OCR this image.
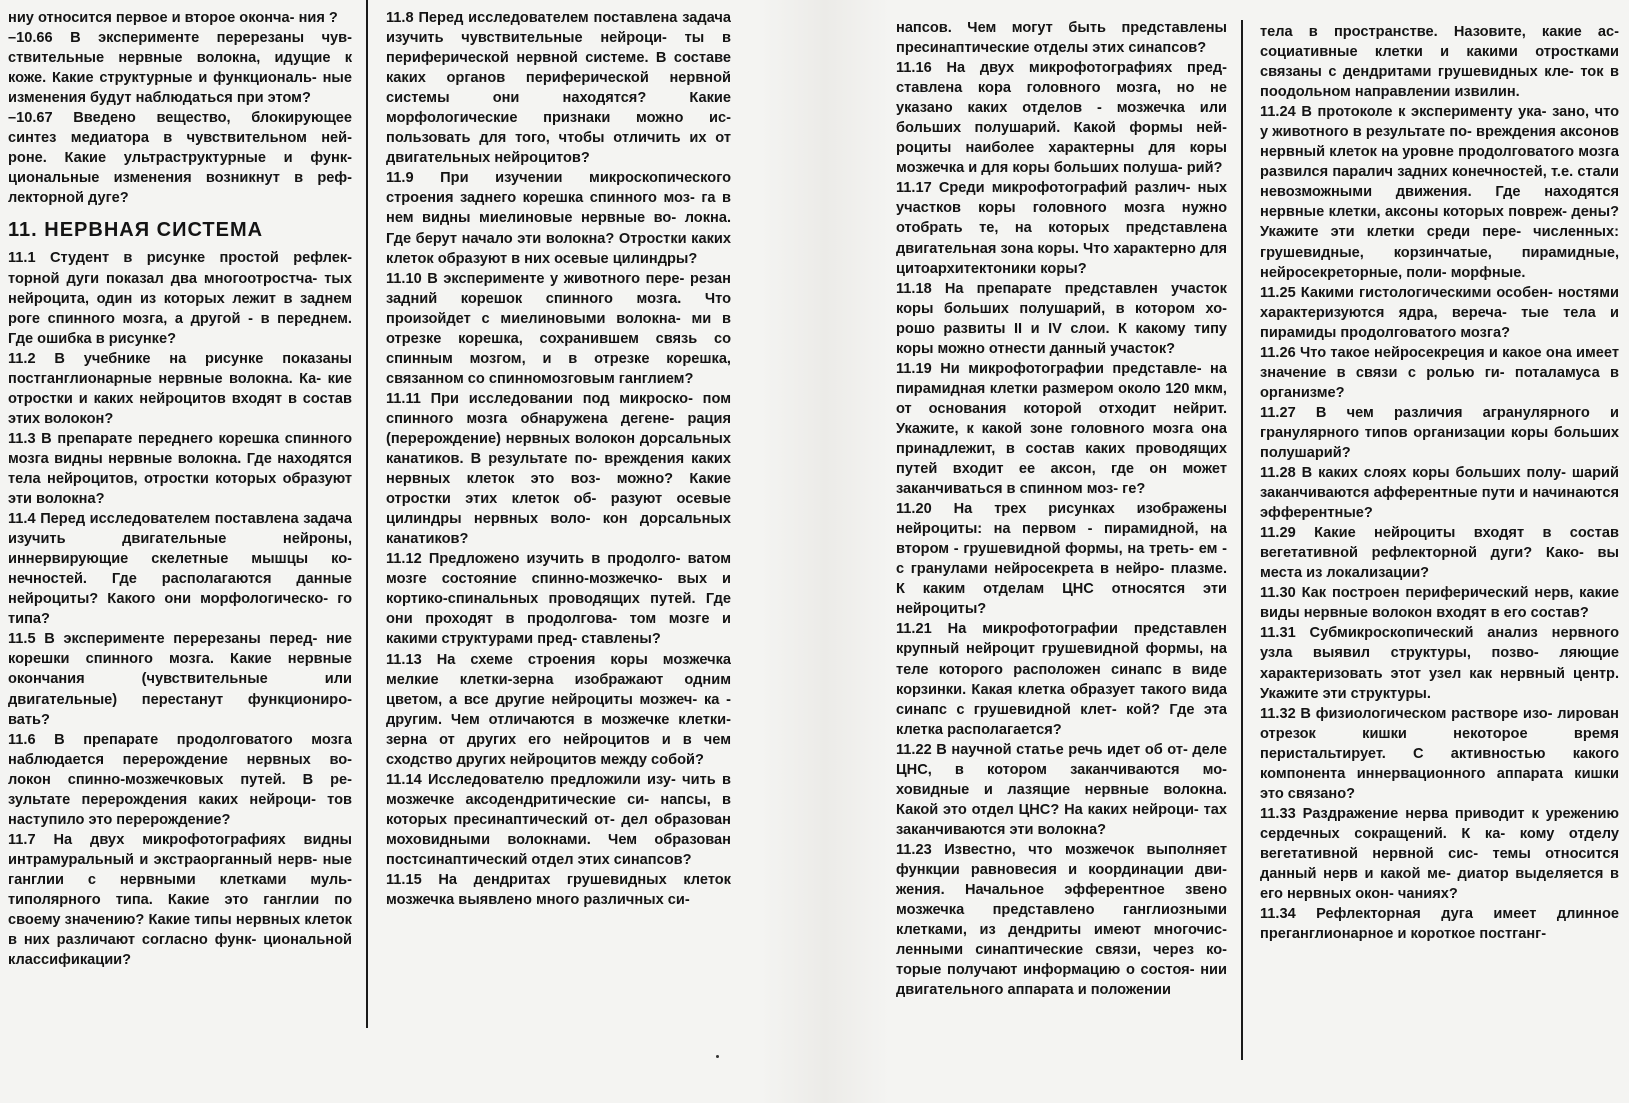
ниу относится первое и второе оконча- ния ?

–10.66 В эксперименте перерезаны чув- ствительные нервные волокна, идущие к коже. Какие структурные и функциональ- ные изменения будут наблюдаться при этом?

–10.67 Введено вещество, блокирующее синтез медиатора в чувствительном ней- роне. Какие ультраструктурные и функ- циональные изменения возникнут в реф- лекторной дуге?

11. НЕРВНАЯ СИСТЕМА

11.1 Студент в рисунке простой рефлек- торной дуги показал два многоотростча- тых нейроцита, один из которых лежит в заднем роге спинного мозга, а другой - в переднем. Где ошибка в рисунке?

11.2 В учебнике на рисунке показаны постганглионарные нервные волокна. Ка- кие отростки и каких нейроцитов входят в состав этих волокон?

11.3 В препарате переднего корешка спинного мозга видны нервные волокна. Где находятся тела нейроцитов, отростки которых образуют эти волокна?

11.4 Перед исследователем поставлена задача изучить двигательные нейроны, иннервирующие скелетные мышцы ко- нечностей. Где располагаются данные нейроциты? Какого они морфологическо- го типа?

11.5 В эксперименте перерезаны перед- ние корешки спинного мозга. Какие нервные окончания (чувствительные или двигательные) перестанут функциониро- вать?

11.6 В препарате продолговатого мозга наблюдается перерождение нервных во- локон спинно-мозжечковых путей. В ре- зультате перерождения каких нейроци- тов наступило это перерождение?

11.7 На двух микрофотографиях видны интрамуральный и экстраорганный нерв- ные ганглии с нервными клетками муль- типолярного типа. Какие это ганглии по своему значению? Какие типы нервных клеток в них различают согласно функ- циональной классификации?

11.8 Перед исследователем поставлена задача изучить чувствительные нейроци- ты в периферической нервной системе. В составе каких органов периферической нервной системы они находятся? Какие морфологические признаки можно ис- пользовать для того, чтобы отличить их от двигательных нейроцитов?

11.9 При изучении микроскопического строения заднего корешка спинного моз- га в нем видны миелиновые нервные во- локна. Где берут начало эти волокна? Отростки каких клеток образуют в них осевые цилиндры?

11.10 В эксперименте у животного пере- резан задний корешок спинного мозга. Что произойдет с миелиновыми волокна- ми в отрезке корешка, сохранившем связь со спинным мозгом, и в отрезке корешка, связанном со спинномозговым ганглием?

11.11 При исследовании под микроско- пом спинного мозга обнаружена дегене- рация (перерождение) нервных волокон дорсальных канатиков. В результате по- вреждения каких нервных клеток это воз- можно? Какие отростки этих клеток об- разуют осевые цилиндры нервных воло- кон дорсальных канатиков?

11.12 Предложено изучить в продолго- ватом мозге состояние спинно-мозжечко- вых и кортико-спинальных проводящих путей. Где они проходят в продолгова- том мозге и какими структурами пред- ставлены?

11.13 На схеме строения коры мозжечка мелкие клетки-зерна изображают одним цветом, а все другие нейроциты мозжеч- ка - другим. Чем отличаются в мозжечке клетки-зерна от других его нейроцитов и в чем сходство других нейроцитов между собой?

11.14 Исследователю предложили изу- чить в мозжечке аксодендритические си- напсы, в которых пресинаптический от- дел образован моховидными волокнами. Чем образован постсинаптический отдел этих синапсов?

11.15 На дендритах грушевидных клеток мозжечка выявлено много различных си-

напсов. Чем могут быть представлены пресинаптические отделы этих синапсов?

11.16 На двух микрофотографиях пред- ставлена кора головного мозга, но не указано каких отделов - мозжечка или больших полушарий. Какой формы ней- роциты наиболее характерны для коры мозжечка и для коры больших полуша- рий?

11.17 Среди микрофотографий различ- ных участков коры головного мозга нужно отобрать те, на которых представлена двигательная зона коры. Что характерно для цитоархитектоники коры?

11.18 На препарате представлен участок коры больших полушарий, в котором хо- рошо развиты II и IV слои. К какому типу коры можно отнести данный участок?

11.19 Ни микрофотографии представле- на пирамидная клетки размером около 120 мкм, от основания которой отходит нейрит. Укажите, к какой зоне головного мозга она принадлежит, в состав каких проводящих путей входит ее аксон, где он может заканчиваться в спинном моз- ге?

11.20 На трех рисунках изображены нейроциты: на первом - пирамидной, на втором - грушевидной формы, на треть- ем - с гранулами нейросекрета в нейро- плазме. К каким отделам ЦНС относятся эти нейроциты?

11.21 На микрофотографии представлен крупный нейроцит грушевидной формы, на теле которого расположен синапс в виде корзинки. Какая клетка образует такого вида синапс с грушевидной клет- кой? Где эта клетка располагается?

11.22 В научной статье речь идет об от- деле ЦНС, в котором заканчиваются мо- ховидные и лазящие нервные волокна. Какой это отдел ЦНС? На каких нейроци- тах заканчиваются эти волокна?

11.23 Известно, что мозжечок выполняет функции равновесия и координации дви- жения. Начальное эфферентное звено мозжечка представлено ганглиозными клетками, из дендриты имеют многочис- ленными синаптические связи, через ко- торые получают информацию о состоя- нии двигательного аппарата и положении

тела в пространстве. Назовите, какие ас- социативные клетки и какими отростками связаны с дендритами грушевидных кле- ток в поодольном направлении извилин.

11.24 В протоколе к эксперименту ука- зано, что у животного в результате по- вреждения аксонов нервный клеток на уровне продолговатого мозга развился паралич задних конечностей, т.е. стали невозможными движения. Где находятся нервные клетки, аксоны которых повреж- дены? Укажите эти клетки среди пере- численных: грушевидные, корзинчатые, пирамидные, нейросекреторные, поли- морфные.

11.25 Какими гистологическими особен- ностями характеризуются ядра, вереча- тые тела и пирамиды продолговатого мозга?

11.26 Что такое нейросекреция и какое она имеет значение в связи с ролью ги- поталамуса в организме?

11.27 В чем различия агранулярного и гранулярного типов организации коры больших полушарий?

11.28 В каких слоях коры больших полу- шарий заканчиваются афферентные пути и начинаются эфферентные?

11.29 Какие нейроциты входят в состав вегетативной рефлекторной дуги? Како- вы места из локализации?

11.30 Как построен периферический нерв, какие виды нервные волокон входят в его состав?

11.31 Субмикроскопический анализ нервного узла выявил структуры, позво- ляющие характеризовать этот узел как нервный центр. Укажите эти структуры.

11.32 В физиологическом растворе изо- лирован отрезок кишки некоторое время перистальтирует. С активностью какого компонента иннервационного аппарата кишки это связано?

11.33 Раздражение нерва приводит к урежению сердечных сокращений. К ка- кому отделу вегетативной нервной сис- темы относится данный нерв и какой ме- диатор выделяется в его нервных окон- чаниях?

11.34 Рефлекторная дуга имеет длинное преганглионарное и короткое постганг-
